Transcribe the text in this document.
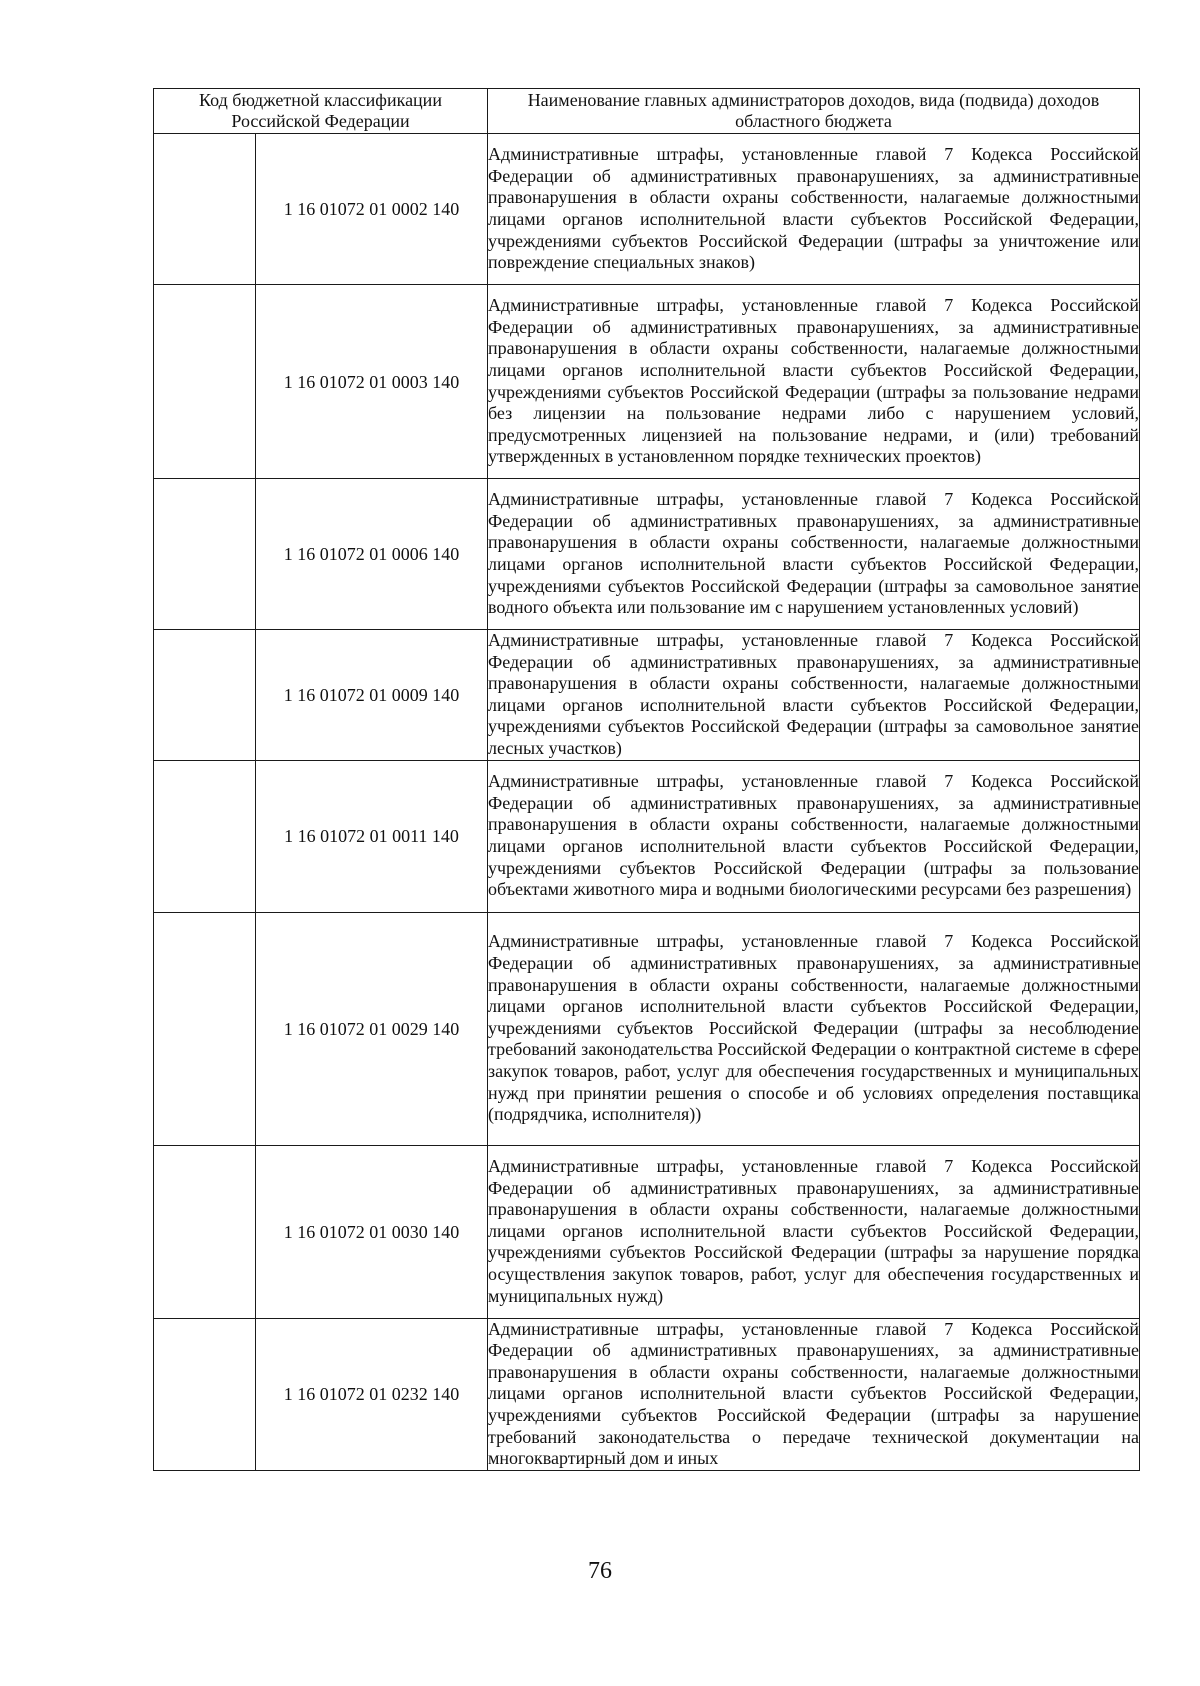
Код бюджетной классификации Российской Федерации		Наименование главных администраторов доходов, вида (подвида) доходов областного бюджета
	1 16 01072 01 0002 140	Административные штрафы, установленные главой 7 Кодекса Российской Федерации об административных правонарушениях, за административные правонарушения в области охраны собственности, налагаемые должностными лицами органов исполнительной власти субъектов Российской Федерации, учреждениями субъектов Российской Федерации (штрафы за уничтожение или повреждение специальных знаков)
	1 16 01072 01 0003 140	Административные штрафы, установленные главой 7 Кодекса Российской Федерации об административных правонарушениях, за административные правонарушения в области охраны собственности, налагаемые должностными лицами органов исполнительной власти субъектов Российской Федерации, учреждениями субъектов Российской Федерации (штрафы за пользование недрами без лицензии на пользование недрами либо с нарушением условий, предусмотренных лицензией на пользование недрами, и (или) требований утвержденных в установленном порядке технических проектов)
	1 16 01072 01 0006 140	Административные штрафы, установленные главой 7 Кодекса Российской Федерации об административных правонарушениях, за административные правонарушения в области охраны собственности, налагаемые должностными лицами органов исполнительной власти субъектов Российской Федерации, учреждениями субъектов Российской Федерации (штрафы за самовольное занятие водного объекта или пользование им с нарушением установленных условий)
	1 16 01072 01 0009 140	Административные штрафы, установленные главой 7 Кодекса Российской Федерации об административных правонарушениях, за административные правонарушения в области охраны собственности, налагаемые должностными лицами органов исполнительной власти субъектов Российской Федерации, учреждениями субъектов Российской Федерации (штрафы за самовольное занятие лесных участков)
	1 16 01072 01 0011 140	Административные штрафы, установленные главой 7 Кодекса Российской Федерации об административных правонарушениях, за административные правонарушения в области охраны собственности, налагаемые должностными лицами органов исполнительной власти субъектов Российской Федерации, учреждениями субъектов Российской Федерации (штрафы за пользование объектами животного мира и водными биологическими ресурсами без разрешения)
	1 16 01072 01 0029 140	Административные штрафы, установленные главой 7 Кодекса Российской Федерации об административных правонарушениях, за административные правонарушения в области охраны собственности, налагаемые должностными лицами органов исполнительной власти субъектов Российской Федерации, учреждениями субъектов Российской Федерации (штрафы за несоблюдение требований законодательства Российской Федерации о контрактной системе в сфере закупок товаров, работ, услуг для обеспечения государственных и муниципальных нужд при принятии решения о способе и об условиях определения поставщика (подрядчика, исполнителя))
	1 16 01072 01 0030 140	Административные штрафы, установленные главой 7 Кодекса Российской Федерации об административных правонарушениях, за административные правонарушения в области охраны собственности, налагаемые должностными лицами органов исполнительной власти субъектов Российской Федерации, учреждениями субъектов Российской Федерации (штрафы за нарушение порядка осуществления закупок товаров, работ, услуг для обеспечения государственных и муниципальных нужд)
	1 16 01072 01 0232 140	Административные штрафы, установленные главой 7 Кодекса Российской Федерации об административных правонарушениях, за административные правонарушения в области охраны собственности, налагаемые должностными лицами органов исполнительной власти субъектов Российской Федерации, учреждениями субъектов Российской Федерации (штрафы за нарушение требований законодательства о передаче технической документации на многоквартирный дом и иных
76
